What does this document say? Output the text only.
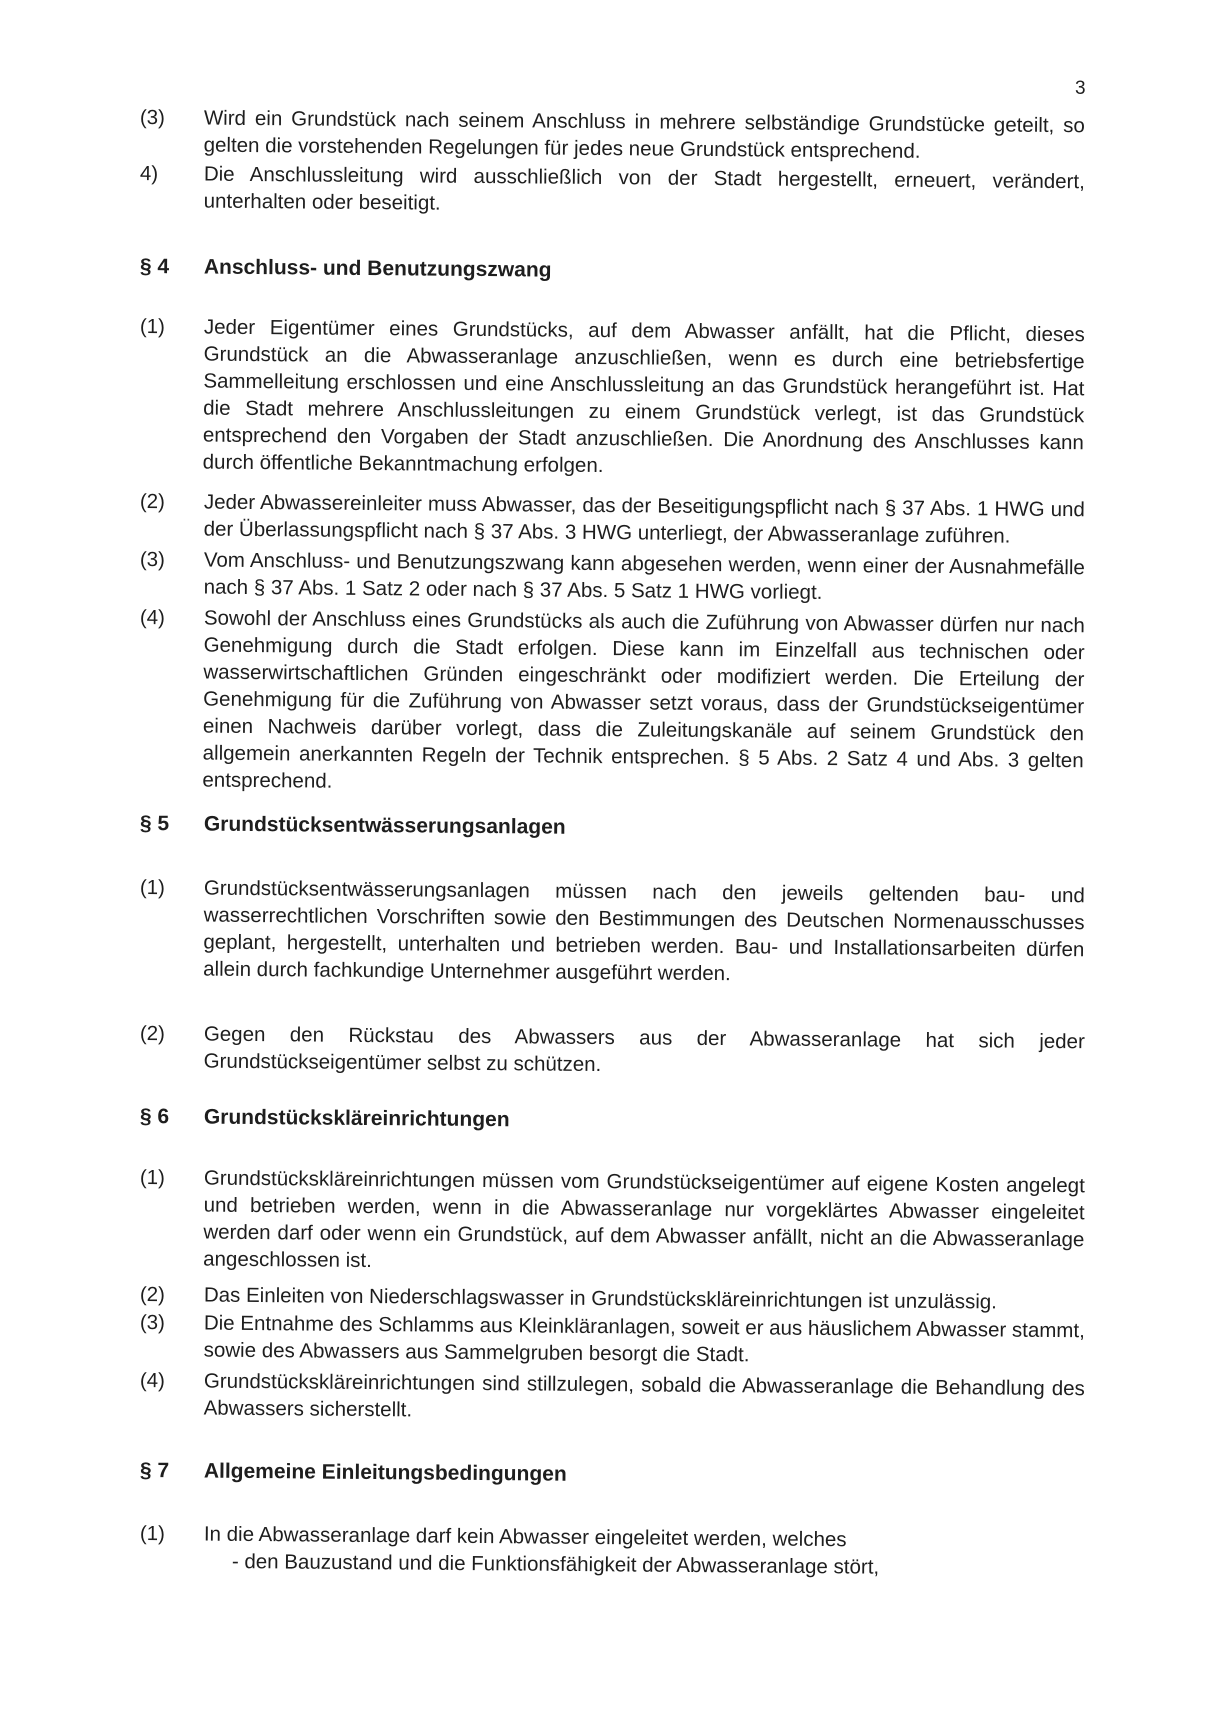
3
(3)	Wird ein Grundstück nach seinem Anschluss in mehrere selbständige Grundstücke geteilt, so gelten die vorstehenden Regelungen für jedes neue Grundstück entsprechend.
4)	Die Anschlussleitung wird ausschließlich von der Stadt hergestellt, erneuert, verändert, unterhalten oder beseitigt.
§ 4	Anschluss- und Benutzungszwang
(1)	Jeder Eigentümer eines Grundstücks, auf dem Abwasser anfällt, hat die Pflicht, dieses Grundstück an die Abwasseranlage anzuschließen, wenn es durch eine betriebsfertige Sammelleitung erschlossen und eine Anschlussleitung an das Grundstück herangeführt ist. Hat die Stadt mehrere Anschlussleitungen zu einem Grundstück verlegt, ist das Grundstück entsprechend den Vorgaben der Stadt anzuschließen. Die Anordnung des Anschlusses kann durch öffentliche Bekanntmachung erfolgen.
(2)	Jeder Abwassereinleiter muss Abwasser, das der Beseitigungspflicht nach § 37 Abs. 1 HWG und der Überlassungspflicht nach § 37 Abs. 3 HWG unterliegt, der Abwasseranlage zuführen.
(3)	Vom Anschluss- und Benutzungszwang kann abgesehen werden, wenn einer der Ausnahmefälle nach § 37 Abs. 1 Satz 2 oder nach § 37 Abs. 5 Satz 1 HWG vorliegt.
(4)	Sowohl der Anschluss eines Grundstücks als auch die Zuführung von Abwasser dürfen nur nach Genehmigung durch die Stadt erfolgen. Diese kann im Einzelfall aus technischen oder wasserwirtschaftlichen Gründen eingeschränkt oder modifiziert werden. Die Erteilung der Genehmigung für die Zuführung von Abwasser setzt voraus, dass der Grundstückseigentümer einen Nachweis darüber vorlegt, dass die Zuleitungskanäle auf seinem Grundstück den allgemein anerkannten Regeln der Technik entsprechen. § 5 Abs. 2 Satz 4 und Abs. 3 gelten entsprechend.
§ 5	Grundstücksentwässerungsanlagen
(1)	Grundstücksentwässerungsanlagen müssen nach den jeweils geltenden bau- und wasserrechtlichen Vorschriften sowie den Bestimmungen des Deutschen Normenausschusses geplant, hergestellt, unterhalten und betrieben werden. Bau- und Installationsarbeiten dürfen allein durch fachkundige Unternehmer ausgeführt werden.
(2)	Gegen den Rückstau des Abwassers aus der Abwasseranlage hat sich jeder Grundstückseigentümer selbst zu schützen.
§ 6	Grundstückskläreinrichtungen
(1)	Grundstückskläreinrichtungen müssen vom Grundstückseigentümer auf eigene Kosten angelegt und betrieben werden, wenn in die Abwasseranlage nur vorgeklärtes Abwasser eingeleitet werden darf oder wenn ein Grundstück, auf dem Abwasser anfällt, nicht an die Abwasseranlage angeschlossen ist.
(2)	Das Einleiten von Niederschlagswasser in Grundstückskläreinrichtungen ist unzulässig.
(3)	Die Entnahme des Schlamms aus Kleinkläranlagen, soweit er aus häuslichem Abwasser stammt, sowie des Abwassers aus Sammelgruben besorgt die Stadt.
(4)	Grundstückskläreinrichtungen sind stillzulegen, sobald die Abwasseranlage die Behandlung des Abwassers sicherstellt.
§ 7	Allgemeine Einleitungsbedingungen
(1)	In die Abwasseranlage darf kein Abwasser eingeleitet werden, welches
- den Bauzustand und die Funktionsfähigkeit der Abwasseranlage stört,
